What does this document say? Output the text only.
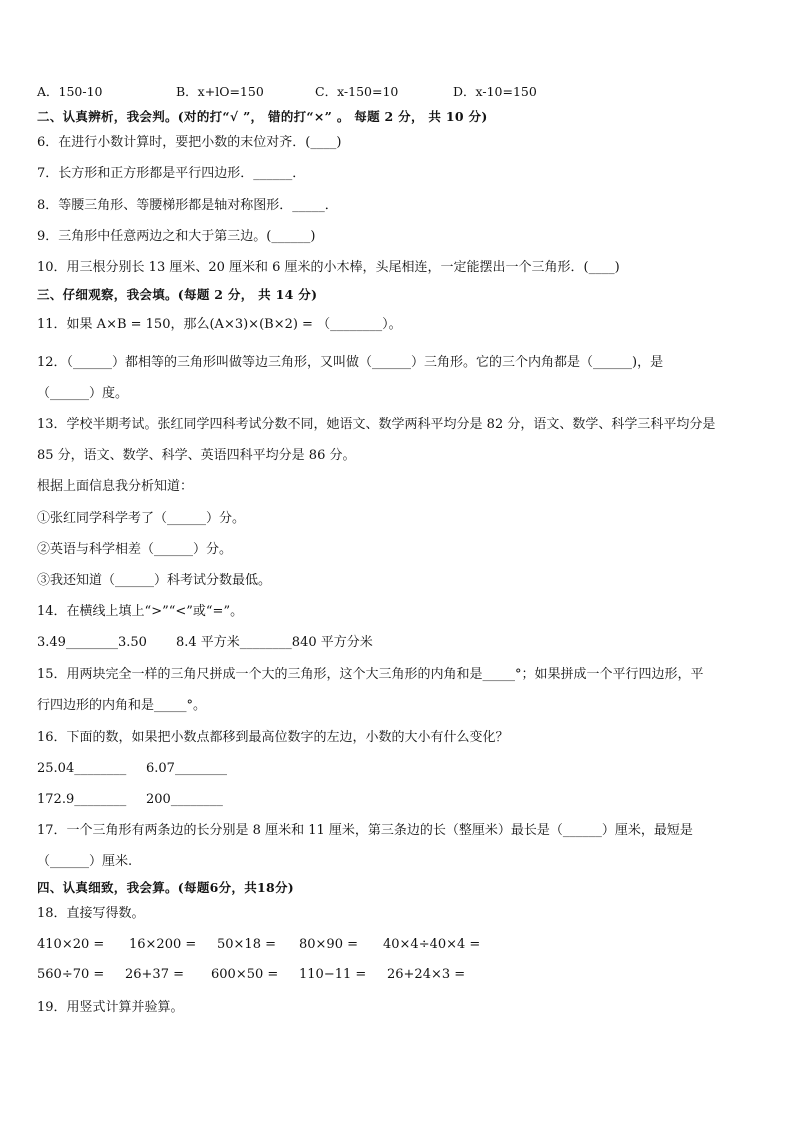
A．150-10	B．x+lO=150	C．x-150=10	D．x-10=150
二、认真辨析，我会判。(对的打“√ ”， 错的打“×” 。 每题 2 分， 共 10 分)
6．在进行小数计算时，要把小数的末位对齐．(____)
7．长方形和正方形都是平行四边形．______．
8．等腰三角形、等腰梯形都是轴对称图形．_____．
9．三角形中任意两边之和大于第三边。(______)
10．用三根分别长 13 厘米、20 厘米和 6 厘米的小木棒，头尾相连，一定能摆出一个三角形．(____)
三、仔细观察，我会填。(每题 2 分， 共 14 分)
11．如果 A×B = 150，那么(A×3)×(B×2) = （________）。
12．（______）都相等的三角形叫做等边三角形，又叫做（______）三角形。它的三个内角都是（______)，是
（______）度。
13．学校半期考试。张红同学四科考试分数不同，她语文、数学两科平均分是 82 分，语文、数学、科学三科平均分是
85 分，语文、数学、科学、英语四科平均分是 86 分。
根据上面信息我分析知道：
①张红同学科学考了（______）分。
②英语与科学相差（______）分。
③我还知道（______）科考试分数最低。
14．在横线上填上“>”“<”或“=”。
3.49________3.50 8.4 平方米________840 平方分米
15．用两块完全一样的三角尺拼成一个大的三角形，这个大三角形的内角和是_____°；如果拼成一个平行四边形，平
行四边形的内角和是_____°。
16．下面的数，如果把小数点都移到最高位数字的左边，小数的大小有什么变化？
25.04________ 6.07________
172.9________ 200________
17．一个三角形有两条边的长分别是 8 厘米和 11 厘米，第三条边的长（整厘米）最长是（______）厘米，最短是
（______）厘米.
四、认真细致，我会算。(每题6分，共18分)
18．直接写得数。
410×20 = 16×200 = 50×18 = 80×90 = 40×4÷40×4 =
560÷70 = 26+37 = 600×50 = 110−11 = 26+24×3 =
19．用竖式计算并验算。
